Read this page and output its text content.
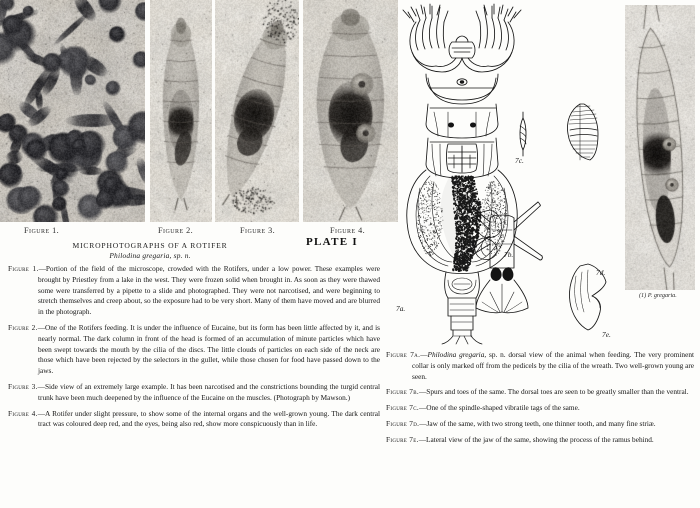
Figure 1.	Figure 2.	Figure 3.	Figure 4.
PLATE I
MICROPHOTOGRAPHS OF A ROTIFER
Philodina gregaria, sp. n.

Figure 1.—Portion of the field of the microscope, crowded with the Rotifers, under a low power. These examples were brought by Priestley from a lake in the west. They were frozen solid when brought in. As soon as they were thawed some were transferred by a pipette to a slide and photographed. They were not narcotised, and were beginning to stretch themselves and creep about, so the exposure had to be very short. Many of them have moved and are blurred in the photograph.

Figure 2.—One of the Rotifers feeding. It is under the influence of Eucaine, but its form has been little affected by it, and is nearly normal. The dark column in front of the head is formed of an accumulation of minute particles which have been swept towards the mouth by the cilia of the discs. The little clouds of particles on each side of the neck are those which have been rejected by the selectors in the gullet, while those chosen for food have passed down to the jaws.

Figure 3.—Side view of an extremely large example. It has been narcotised and the constrictions bounding the turgid central trunk have been much deepened by the influence of the Eucaine on the muscles. (Photograph by Mawson.)

Figure 4.—A Rotifer under slight pressure, to show some of the internal organs and the well-grown young. The dark central tract was coloured deep red, and the eyes, being also red, show more conspicuously than in life.

Figure 7a.—Philodina gregaria, sp. n. dorsal view of the animal when feeding. The very prominent collar is only marked off from the pedicels by the cilia of the wreath. Two well-grown young are seen.

Figure 7b.—Spurs and toes of the same. The dorsal toes are seen to be greatly smaller than the ventral.

Figure 7c.—One of the spindle-shaped vibratile tags of the same.

Figure 7d.—Jaw of the same, with two strong teeth, one thinner tooth, and many fine striæ.

Figure 7e.—Lateral view of the jaw of the same, showing the process of the ramus behind.

7a.
7b.
7c.
7d.
7e.
(1) P. gregaria.
